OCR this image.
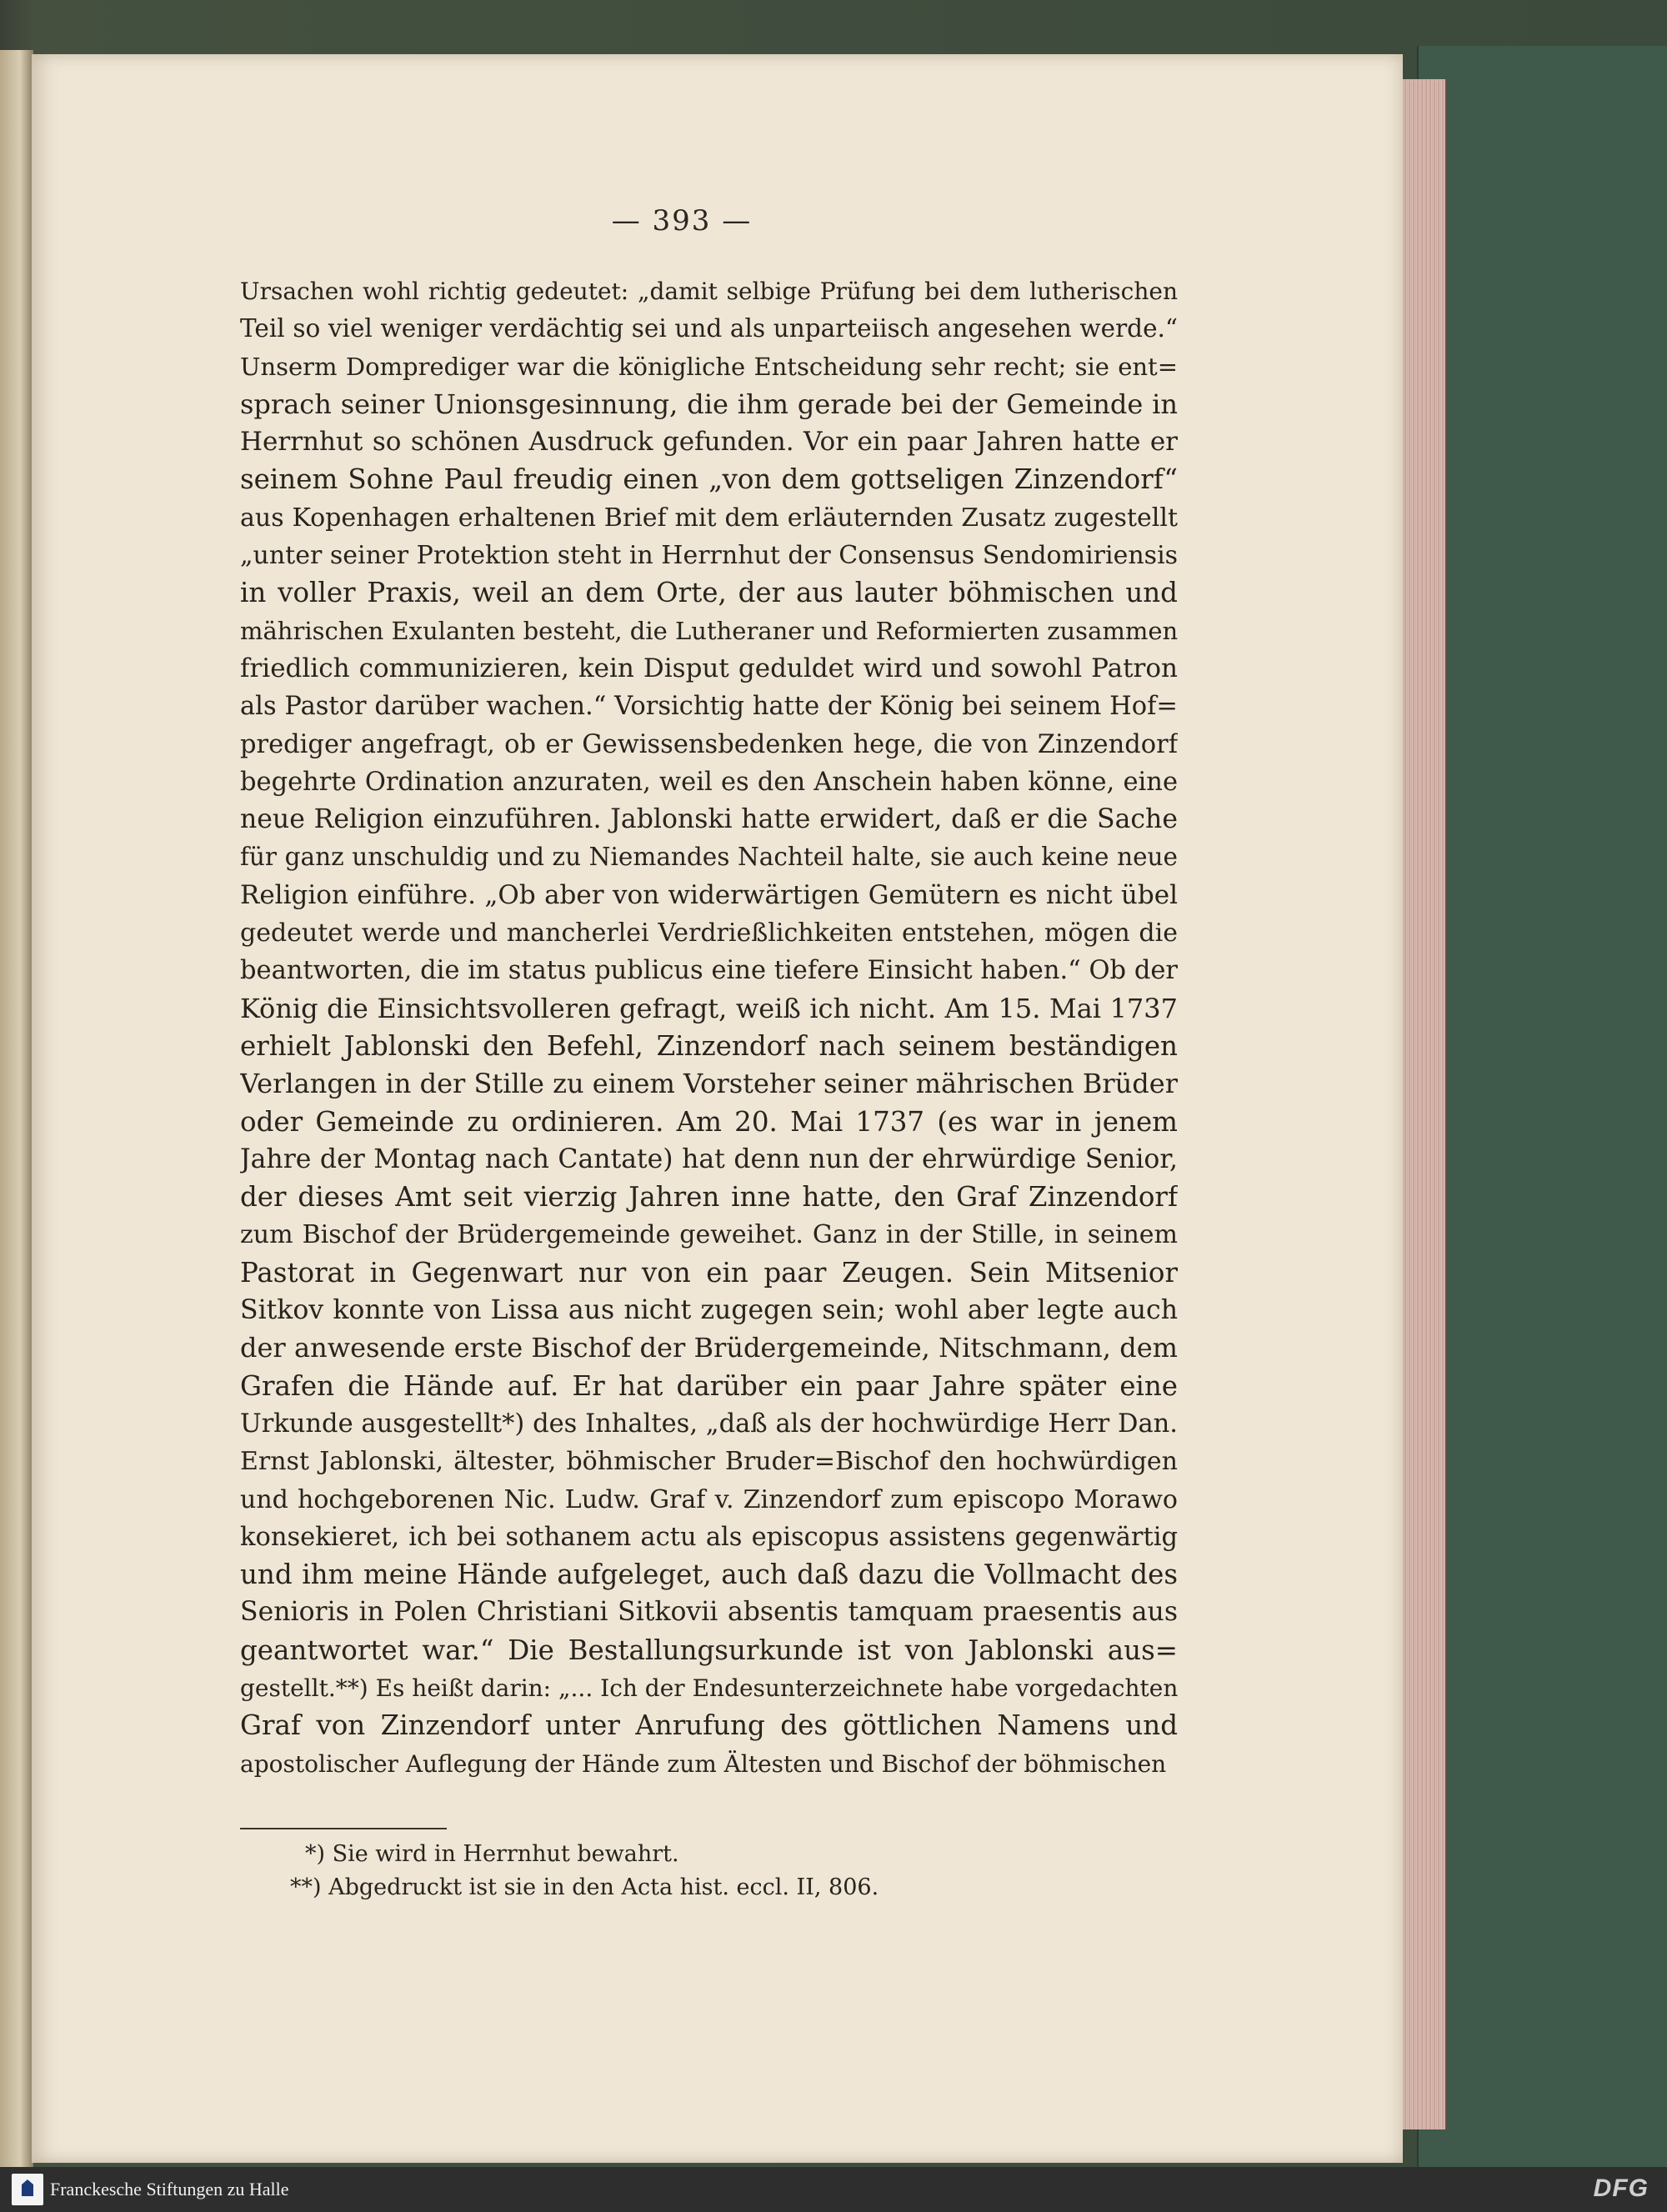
— 393 —
Ursachen wohl richtig gedeutet: „damit selbige Prüfung bei dem lutherischen
Teil so viel weniger verdächtig sei und als unparteiisch angesehen werde.“
Unserm Domprediger war die königliche Entscheidung sehr recht; sie ent=
sprach seiner Unionsgesinnung, die ihm gerade bei der Gemeinde in
Herrnhut so schönen Ausdruck gefunden. Vor ein paar Jahren hatte er
seinem Sohne Paul freudig einen „von dem gottseligen Zinzendorf“
aus Kopenhagen erhaltenen Brief mit dem erläuternden Zusatz zugestellt
„unter seiner Protektion steht in Herrnhut der Consensus Sendomiriensis
in voller Praxis, weil an dem Orte, der aus lauter böhmischen und
mährischen Exulanten besteht, die Lutheraner und Reformierten zusammen
friedlich communizieren, kein Disput geduldet wird und sowohl Patron
als Pastor darüber wachen.“ Vorsichtig hatte der König bei seinem Hof=
prediger angefragt, ob er Gewissensbedenken hege, die von Zinzendorf
begehrte Ordination anzuraten, weil es den Anschein haben könne, eine
neue Religion einzuführen. Jablonski hatte erwidert, daß er die Sache
für ganz unschuldig und zu Niemandes Nachteil halte, sie auch keine neue
Religion einführe. „Ob aber von widerwärtigen Gemütern es nicht übel
gedeutet werde und mancherlei Verdrießlichkeiten entstehen, mögen die
beantworten, die im status publicus eine tiefere Einsicht haben.“ Ob der
König die Einsichtsvolleren gefragt, weiß ich nicht. Am 15. Mai 1737
erhielt Jablonski den Befehl, Zinzendorf nach seinem beständigen
Verlangen in der Stille zu einem Vorsteher seiner mährischen Brüder
oder Gemeinde zu ordinieren. Am 20. Mai 1737 (es war in jenem
Jahre der Montag nach Cantate) hat denn nun der ehrwürdige Senior,
der dieses Amt seit vierzig Jahren inne hatte, den Graf Zinzendorf
zum Bischof der Brüdergemeinde geweihet. Ganz in der Stille, in seinem
Pastorat in Gegenwart nur von ein paar Zeugen. Sein Mitsenior
Sitkov konnte von Lissa aus nicht zugegen sein; wohl aber legte auch
der anwesende erste Bischof der Brüdergemeinde, Nitschmann, dem
Grafen die Hände auf. Er hat darüber ein paar Jahre später eine
Urkunde ausgestellt*) des Inhaltes, „daß als der hochwürdige Herr Dan.
Ernst Jablonski, ältester, böhmischer Bruder=Bischof den hochwürdigen
und hochgeborenen Nic. Ludw. Graf v. Zinzendorf zum episcopo Morawo
konsekieret, ich bei sothanem actu als episcopus assistens gegenwärtig
und ihm meine Hände aufgeleget, auch daß dazu die Vollmacht des
Senioris in Polen Christiani Sitkovii absentis tamquam praesentis aus
geantwortet war.“ Die Bestallungsurkunde ist von Jablonski aus=
gestellt.**) Es heißt darin: „... Ich der Endesunterzeichnete habe vorgedachten
Graf von Zinzendorf unter Anrufung des göttlichen Namens und
apostolischer Auflegung der Hände zum Ältesten und Bischof der böhmischen
*) Sie wird in Herrnhut bewahrt.
**) Abgedruckt ist sie in den Acta hist. eccl. II, 806.
Franckesche Stiftungen zu Halle	DFG
